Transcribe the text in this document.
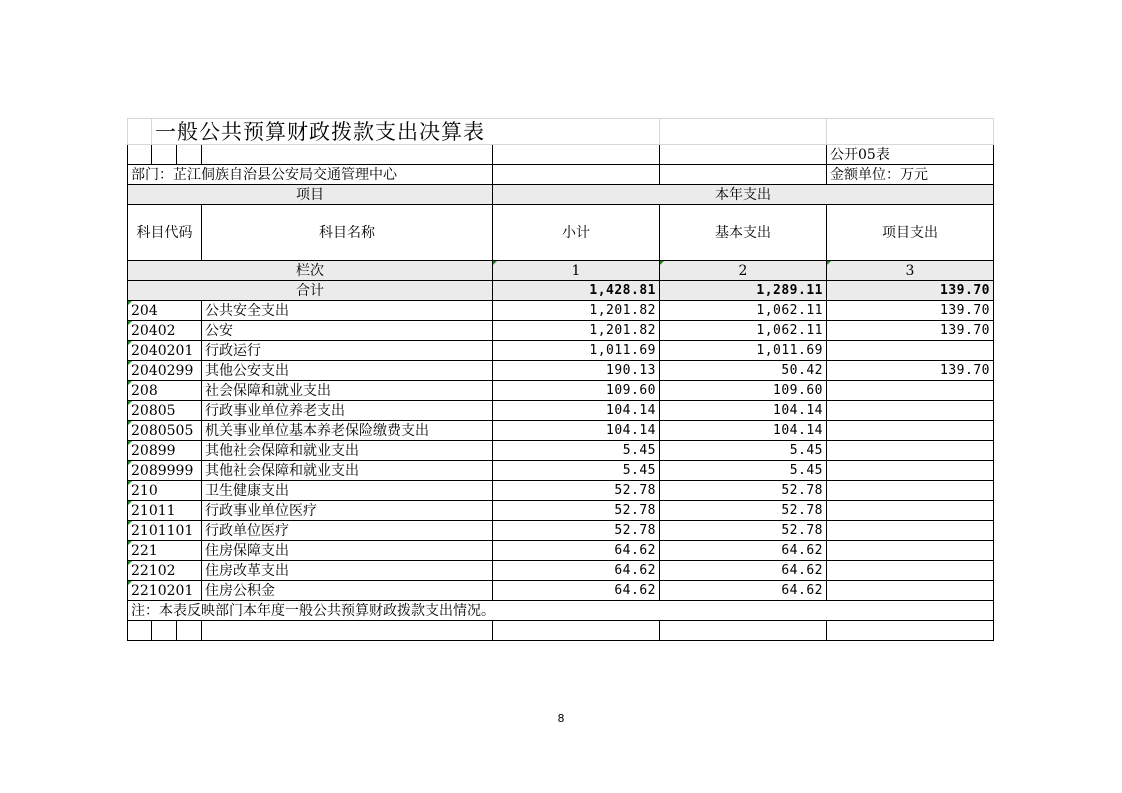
	一般公共预算财政拨款支出决算表					
						公开05表
部门：芷江侗族自治县公安局交通管理中心						金额单位：万元
项目				本年支出		
科目代码			科目名称	小计	基本支出	项目支出
栏次				1	2	3
合计				1,428.81	1,289.11	139.70
204			公共安全支出	1,201.82	1,062.11	139.70
20402			公安	1,201.82	1,062.11	139.70
2040201			行政运行	1,011.69	1,011.69	
2040299			其他公安支出	190.13	50.42	139.70
208			社会保障和就业支出	109.60	109.60	
20805			行政事业单位养老支出	104.14	104.14	
2080505			机关事业单位基本养老保险缴费支出	104.14	104.14	
20899			其他社会保障和就业支出	5.45	5.45	
2089999			其他社会保障和就业支出	5.45	5.45	
210			卫生健康支出	52.78	52.78	
21011			行政事业单位医疗	52.78	52.78	
2101101			行政单位医疗	52.78	52.78	
221			住房保障支出	64.62	64.62	
22102			住房改革支出	64.62	64.62	
2210201			住房公积金	64.62	64.62	
注：本表反映部门本年度一般公共预算财政拨款支出情况。						

8
